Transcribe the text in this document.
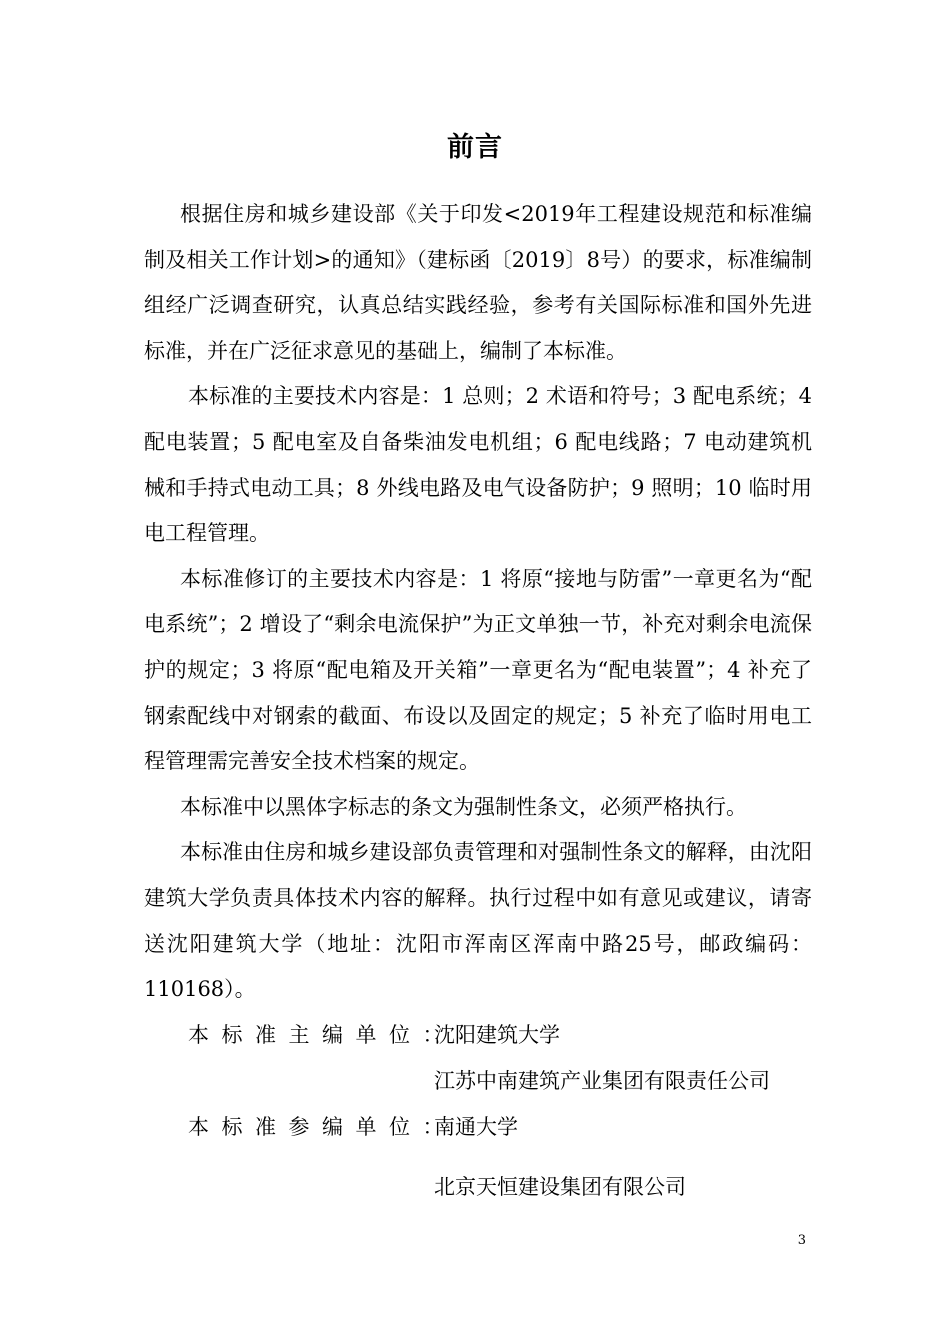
前言

根据住房和城乡建设部《关于印发<2019年工程建设规范和标准编制及相关工作计划>的通知》（建标函〔2019〕8号）的要求，标准编制组经广泛调查研究，认真总结实践经验，参考有关国际标准和国外先进标准，并在广泛征求意见的基础上，编制了本标准。

本标准的主要技术内容是：1 总则；2 术语和符号；3 配电系统；4 配电装置；5 配电室及自备柴油发电机组；6 配电线路；7 电动建筑机械和手持式电动工具；8 外线电路及电气设备防护；9 照明；10 临时用电工程管理。

本标准修订的主要技术内容是：1 将原“接地与防雷”一章更名为“配电系统”；2 增设了“剩余电流保护”为正文单独一节，补充对剩余电流保护的规定；3 将原“配电箱及开关箱”一章更名为“配电装置”；4 补充了钢索配线中对钢索的截面、布设以及固定的规定；5 补充了临时用电工程管理需完善安全技术档案的规定。

本标准中以黑体字标志的条文为强制性条文，必须严格执行。

本标准由住房和城乡建设部负责管理和对强制性条文的解释，由沈阳建筑大学负责具体技术内容的解释。执行过程中如有意见或建议，请寄送沈阳建筑大学（地址：沈阳市浑南区浑南中路25号，邮政编码：110168）。

本标准主编单位：
沈阳建筑大学
江苏中南建筑产业集团有限责任公司
本标准参编单位：
南通大学
北京天恒建设集团有限公司
3
